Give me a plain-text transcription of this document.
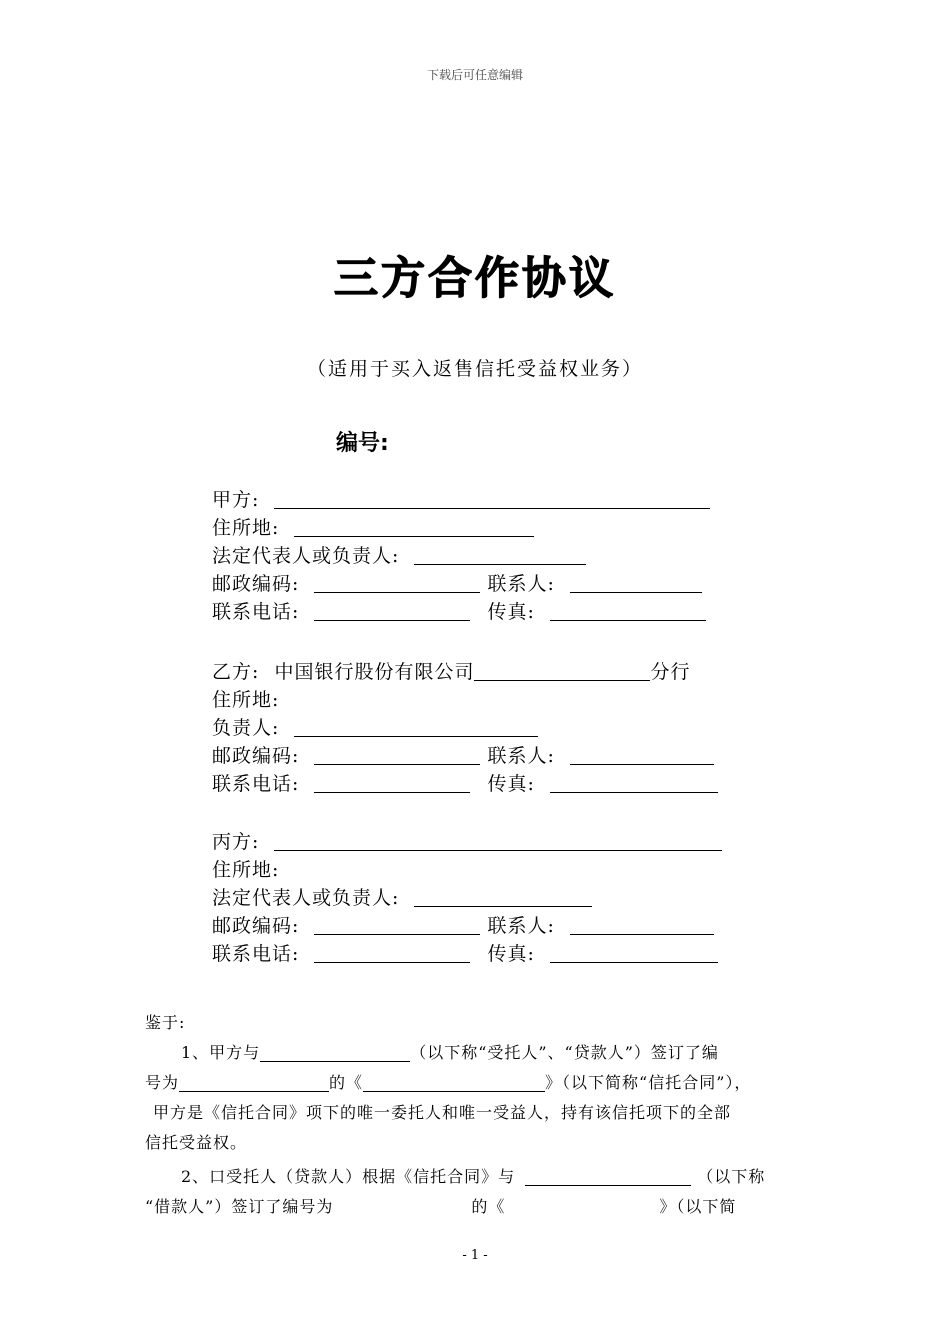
下载后可任意编辑
三方合作协议
（适用于买入返售信托受益权业务）
编号:
甲方:
住所地:
法定代表人或负责人:
邮政编码:	联系人:
联系电话:	传真:
乙方: 中国银行股份有限公司	分行
住所地:
负责人:
邮政编码:	联系人:
联系电话:	传真:
丙方:
住所地:
法定代表人或负责人:
邮政编码:	联系人:
联系电话:	传真:

鉴于:

1、甲方与	（以下称“受托人”、“贷款人”）签订了编

号为	的《	》（以下简称“信托合同”），

甲方是《信托合同》项下的唯一委托人和唯一受益人，持有该信托项下的全部

信托受益权。

2、口受托人（贷款人）根据《信托合同》与	（以下称

“借款人”）签订了编号为	的《	》（以下简

- 1 -
